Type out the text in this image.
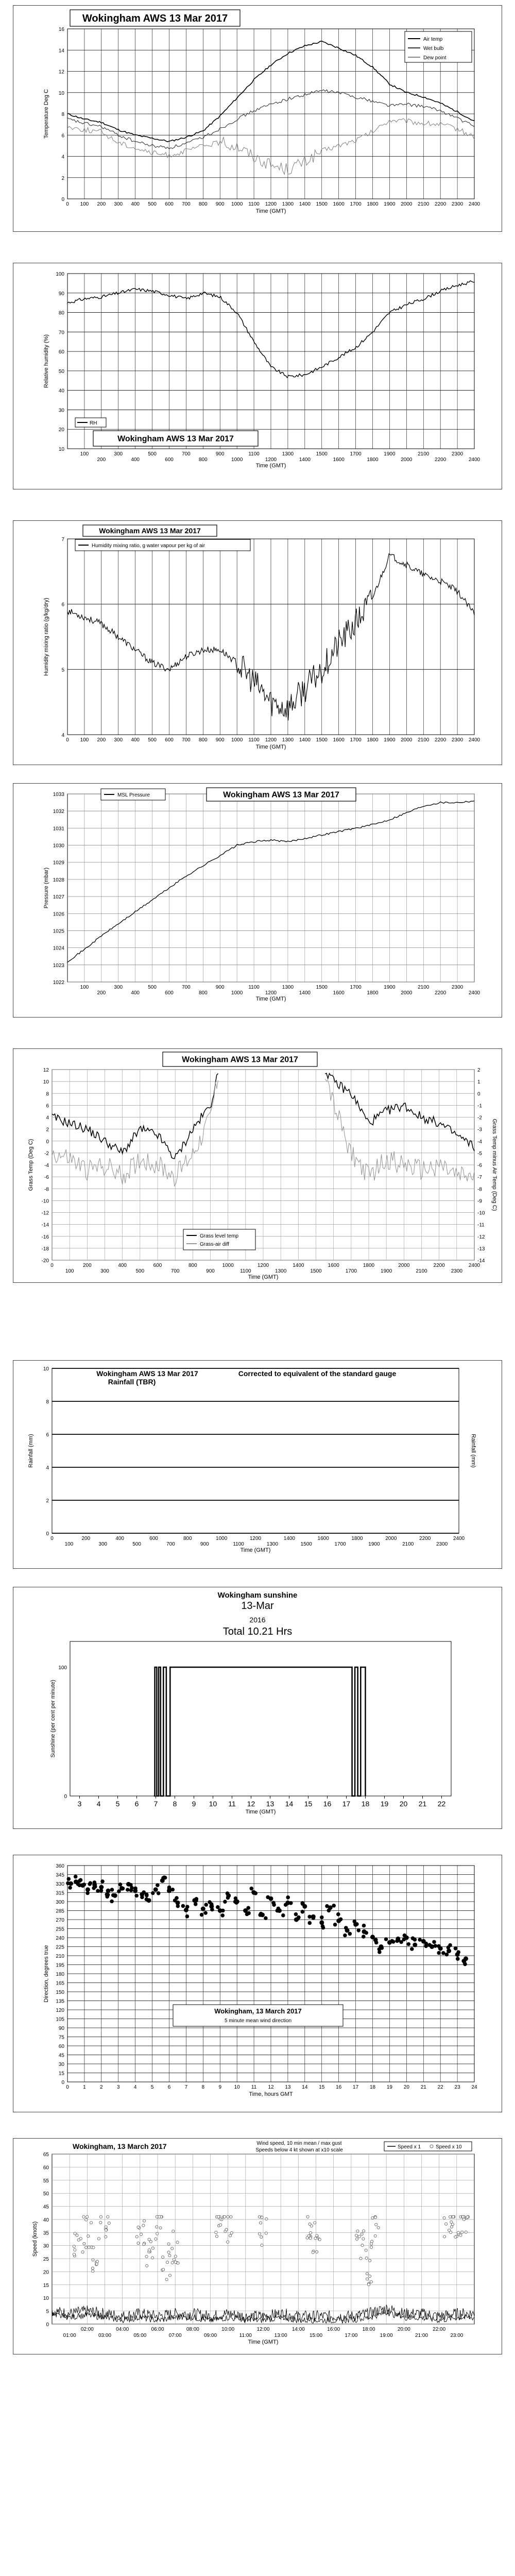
0
2
4
6
8
10
12
14
16
0 100 200 300 400 500 600 700 800 900 1000 1100 1200 1300 1400 1500 1600 1700 1800 1900 2000 2100 2200 2300 2400
Time (GMT)
Temperature Deg C
Wokingham AWS 13 Mar 2017
Air temp
Wet bulb
Dew point
10
20
30
40
50
60
70
80
90
100
100
200
300
400
500
600
700
800
900
1000
1100
1200
1300
1400
1500
1600
1700
1800
1900
2000
2100
2200
2300
2400
Time (GMT)
Relative humidity (%)
RH
Wokingham AWS 13 Mar 2017
4
5
6
7
0 100 200 300 400 500 600 700 800 900 1000 1100 1200 1300 1400 1500 1600 1700 1800 1900 2000 2100 2200 2300 2400
Time (GMT)
Humidity mixing ratio (g/kg/dry)
Wokingham AWS 13 Mar 2017
Humidity mixing ratio, g water vapour per kg of air
1022
1023
1024
1025
1026
1027
1028
1029
1030
1031
1032
1033
100
200
300
400
500
600
700
800
900
1000
1100
1200
1300
1400
1500
1600
1700
1800
1900
2000
2100
2200
2300
2400
Time (GMT)
Pressure (mbar)
MSL Pressure	Wokingham AWS 13 Mar 2017
-20
-18
-16
-14
-12
-10
-8
-6
-4
-2
0
2
4
6
8
10
12
0
100
200
300
400
500
600
700
800
900
1000
1100
1200
1300
1400
1500
1600
1700
1800
1900
2000
2100
2200
2300
2400
Time (GMT)
Grass Temp (Deg C)
-14
-13
-12
-11
-10
-9
-8
-7
-6
-5
-4
-3
-2
-1
0
1
2
Grass Temp minus Air Temp (Deg C)
Wokingham AWS 13 Mar 2017
Grass level temp
Grass-air diff
0
2
4
6
8
10
0
100
200
300
400
500
600
700
800
900
1000
1100
1200
1300
1400
1500
1600
1700
1800
1900
2000
2100
2200
2300
2400
Time (GMT)
Rainfall (mm)	Rainfall (mm)
Wokingham AWS 13 Mar 2017
Rainfall (TBR)
Corrected to equivalent of the standard gauge
0
100
3 4 5 6 7 8 9 10 11 12 13 14 15 16 17 18 19 20 21 22
Time (GMT)
Sunshine (per cent per minute)
Wokingham sunshine
13-Mar
2016
Total 10.21 Hrs
0
15
30
45
60
75
90
105
120
135
150
165
180
195
210
225
240
255
270
285
300
315
330
345
360
0	1	2	3	4	5	6	7	8	9 10 11 12 13 14 15 16 17 18 19 20 21 22 23 24
Time, hours GMT
Direction, degrees true
Wokingham, 13 March 2017
5 minute mean wind direction
0
5
10
15
20
25
30
35
40
45
50
55
60
65
02:00	04:00	06:00	08:00	10:00	12:00	14:00	16:00	18:00	20:00	22:00
01:00	03:00	05:00	07:00	09:00	11:00	13:00	15:00	17:00	19:00	21:00	23:00
Time (GMT)
Speed (knots)
Wokingham, 13 March 2017	Wind speed, 10 min mean / max gust
Speeds below 4 kt shown at x10 scale
Speed x 1	Speed x 10
